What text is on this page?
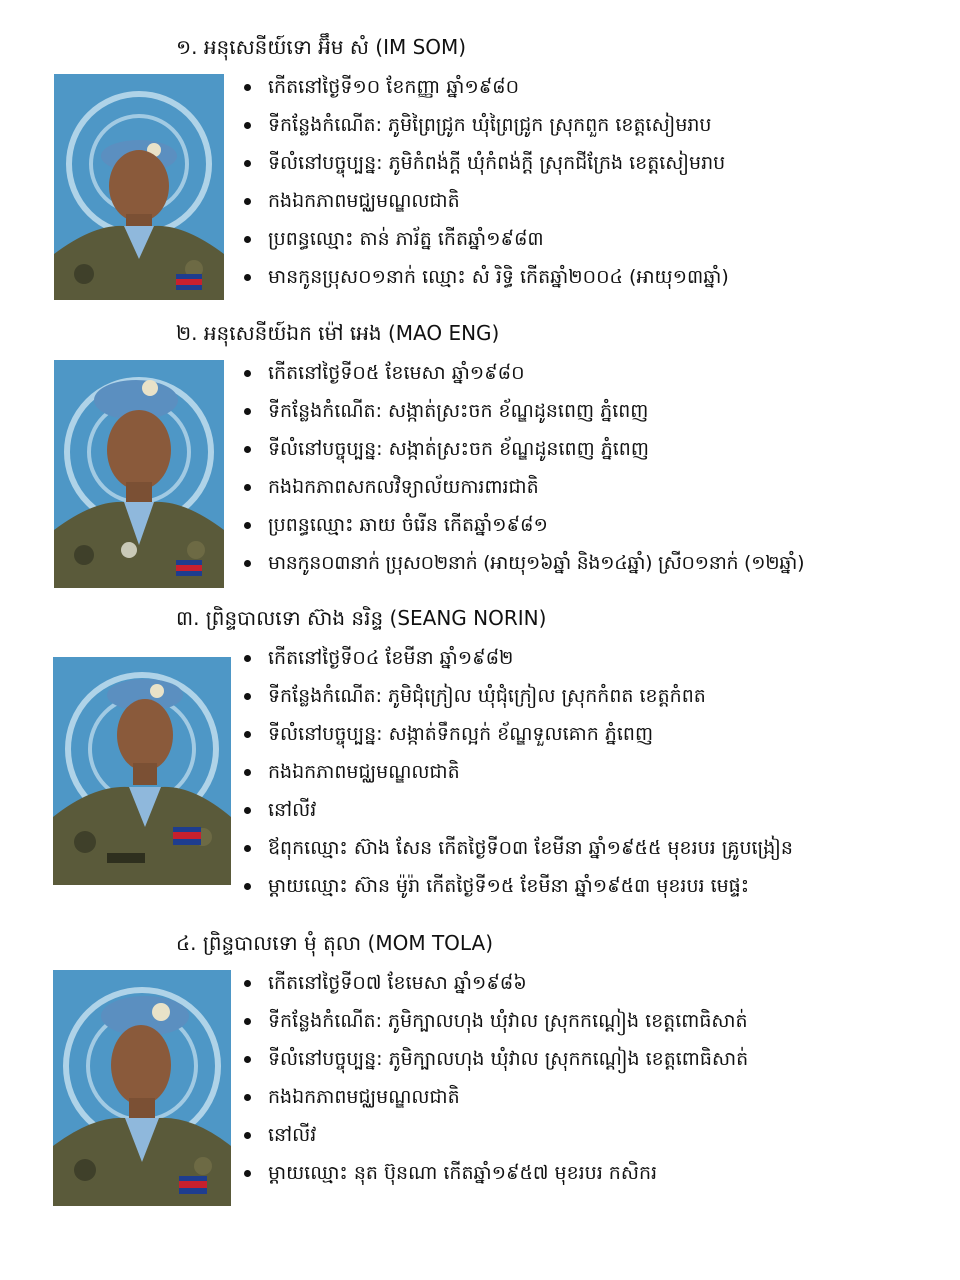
១. អនុសេនីយ៍ទោ អ៊ឹម សំ (IM SOM)
កើតនៅថ្ងៃទី១០ ខែកញ្ញា ឆ្នាំ១៩៨០
ទីកន្លែងកំណើត: ភូមិព្រៃជ្រូក ឃុំព្រៃជ្រូក ស្រុកពួក ខេត្តសៀមរាប
ទីលំនៅបច្ចុប្បន្ន: ភូមិកំពង់ក្ដី ឃុំកំពង់ក្ដី ស្រុកជីក្រែង ខេត្តសៀមរាប
កងឯកភាពមជ្ឈមណ្ឌលជាតិ
ប្រពន្ធឈ្មោះ តាន់ ភារ័ត្ន កើតឆ្នាំ១៩៨៣
មានកូនប្រុស០១នាក់ ឈ្មោះ សំ រិទ្ធិ កើតឆ្នាំ២០០៤ (អាយុ១៣ឆ្នាំ)
២. អនុសេនីយ៍ឯក ម៉ៅ អេង (MAO ENG)
កើតនៅថ្ងៃទី០៥ ខែមេសា ឆ្នាំ១៩៨០
ទីកន្លែងកំណើត: សង្កាត់ស្រះចក ខ័ណ្ឌដូនពេញ ភ្នំពេញ
ទីលំនៅបច្ចុប្បន្ន: សង្កាត់ស្រះចក ខ័ណ្ឌដូនពេញ ភ្នំពេញ
កងឯកភាពសកលវិទ្យាល័យការពារជាតិ
ប្រពន្ធឈ្មោះ ឆាយ ចំរើន កើតឆ្នាំ១៩៨១
មានកូន០៣នាក់ ប្រុស០២នាក់ (អាយុ១៦ឆ្នាំ និង១៤ឆ្នាំ) ស្រី០១នាក់ (១២ឆ្នាំ)
៣. ព្រិន្ទបាលទោ ស៊ាង នរិន្ទ (SEANG NORIN)
កើតនៅថ្ងៃទី០៤ ខែមីនា ឆ្នាំ១៩៨២
ទីកន្លែងកំណើត: ភូមិជុំក្រៀល ឃុំជុំក្រៀល ស្រុកកំពត ខេត្តកំពត
ទីលំនៅបច្ចុប្បន្ន: សង្កាត់ទឹកល្អក់ ខ័ណ្ឌទួលគោក ភ្នំពេញ
កងឯកភាពមជ្ឈមណ្ឌលជាតិ
នៅលីវ
ឪពុកឈ្មោះ ស៊ាង សែន កើតថ្ងៃទី០៣ ខែមីនា ឆ្នាំ១៩៥៥ មុខរបរ គ្រូបង្រៀន
ម្ដាយឈ្មោះ ស៊ាន ម៉ូរ៉ា កើតថ្ងៃទី១៥ ខែមីនា ឆ្នាំ១៩៥៣ មុខរបរ មេផ្ទះ
៤. ព្រិន្ទបាលទោ មុំ តុលា (MOM TOLA)
កើតនៅថ្ងៃទី០៧ ខែមេសា ឆ្នាំ១៩៨៦
ទីកន្លែងកំណើត: ភូមិក្បាលហុង ឃុំវាល ស្រុកកណ្ដៀង ខេត្តពោធិសាត់
ទីលំនៅបច្ចុប្បន្ន: ភូមិក្បាលហុង ឃុំវាល ស្រុកកណ្ដៀង ខេត្តពោធិសាត់
កងឯកភាពមជ្ឈមណ្ឌលជាតិ
នៅលីវ
ម្ដាយឈ្មោះ នុត ប៊ុនណា កើតឆ្នាំ១៩៥៧ មុខរបរ កសិករ
